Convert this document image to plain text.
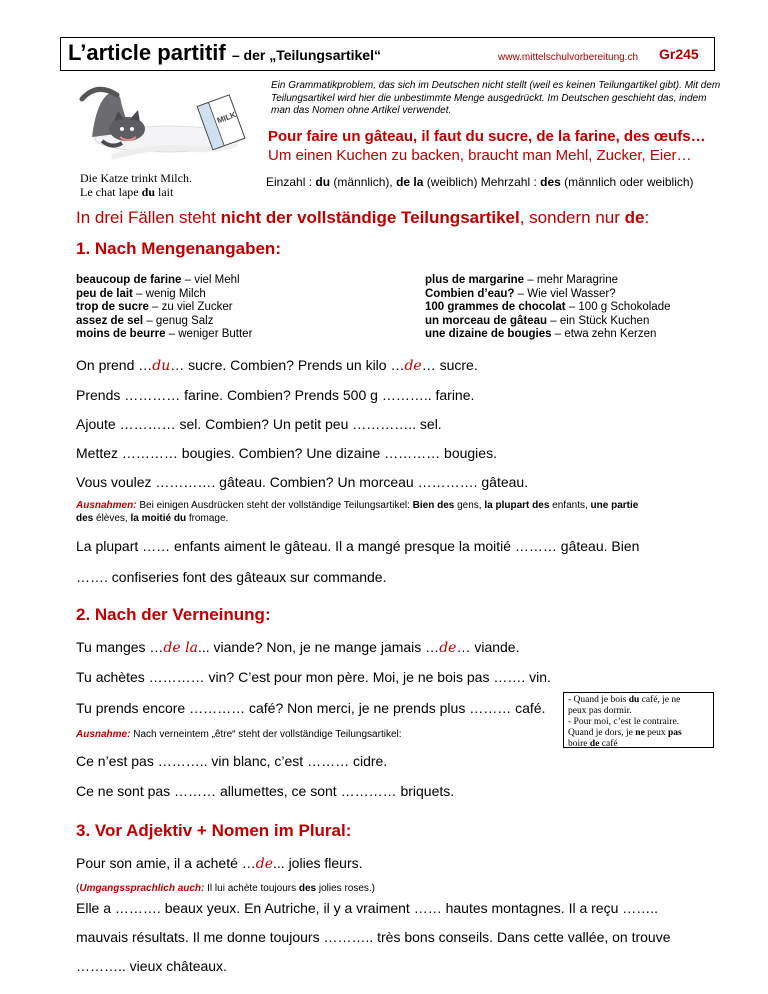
L’article partitif – der „Teilungsartikel“	www.mittelschulvorbereitung.ch Gr245
MILK
Ein Grammatikproblem, das sich im Deutschen nicht stellt (weil es keinen Teilungartikel gibt). Mit dem Teilungsartikel wird hier die unbestimmte Menge ausgedrückt. Im Deutschen geschieht das, indem man das Nomen ohne Artikel verwendet.
Pour faire un gâteau, il faut du sucre, de la farine, des œufs…
Um einen Kuchen zu backen, braucht man Mehl, Zucker, Eier…
Die Katze trinkt Milch.
Le chat lape du lait
Einzahl : du (männlich), de la (weiblich) Mehrzahl : des (männlich oder weiblich)
In drei Fällen steht nicht der vollständige Teilungsartikel, sondern nur de:
1. Nach Mengenangaben:
beaucoup de farine – viel Mehl
peu de lait – wenig Milch
trop de sucre – zu viel Zucker
assez de sel – genug Salz
moins de beurre – weniger Butter
plus de margarine – mehr Maragrine
Combien d’eau? – Wie viel Wasser?
100 grammes de chocolat – 100 g Schokolade
un morceau de gâteau – ein Stück Kuchen
une dizaine de bougies – etwa zehn Kerzen
On prend …du… sucre. Combien? Prends un kilo …de… sucre.
Prends ………… farine. Combien? Prends 500 g ……….. farine.
Ajoute ………… sel. Combien? Un petit peu ………….. sel.
Mettez ………… bougies. Combien? Une dizaine ………… bougies.
Vous voulez …………. gâteau. Combien? Un morceau …………. gâteau.
Ausnahmen: Bei einigen Ausdrücken steht der vollständige Teilungsartikel: Bien des gens, la plupart des enfants, une partie
des élèves, la moitié du fromage.
La plupart …… enfants aiment le gâteau. Il a mangé presque la moitié ……… gâteau. Bien
……. confiseries font des gâteaux sur commande.
2. Nach der Verneinung:
Tu manges …de la... viande? Non, je ne mange jamais …de… viande.
Tu achètes ………… vin? C’est pour mon père. Moi, je ne bois pas ……. vin.
Tu prends encore ………… café? Non merci, je ne prends plus ……… café.
Ausnahme: Nach verneintem „être“ steht der vollständige Teilungsartikel:
Ce n’est pas ……….. vin blanc, c’est ……… cidre.
Ce ne sont pas ……… allumettes, ce sont ………… briquets.
- Quand je bois du café, je ne
peux pas dormir.
- Pour moi, c’est le contraire.
Quand je dors, je ne peux pas
boire de café
3. Vor Adjektiv + Nomen im Plural:
Pour son amie, il a acheté …de... jolies fleurs.
(Umgangssprachlich auch: Il lui achète toujours des jolies roses.)
Elle a ………. beaux yeux. En Autriche, il y a vraiment …… hautes montagnes. Il a reçu ……..
mauvais résultats. Il me donne toujours ……….. très bons conseils. Dans cette vallée, on trouve
……….. vieux châteaux.
